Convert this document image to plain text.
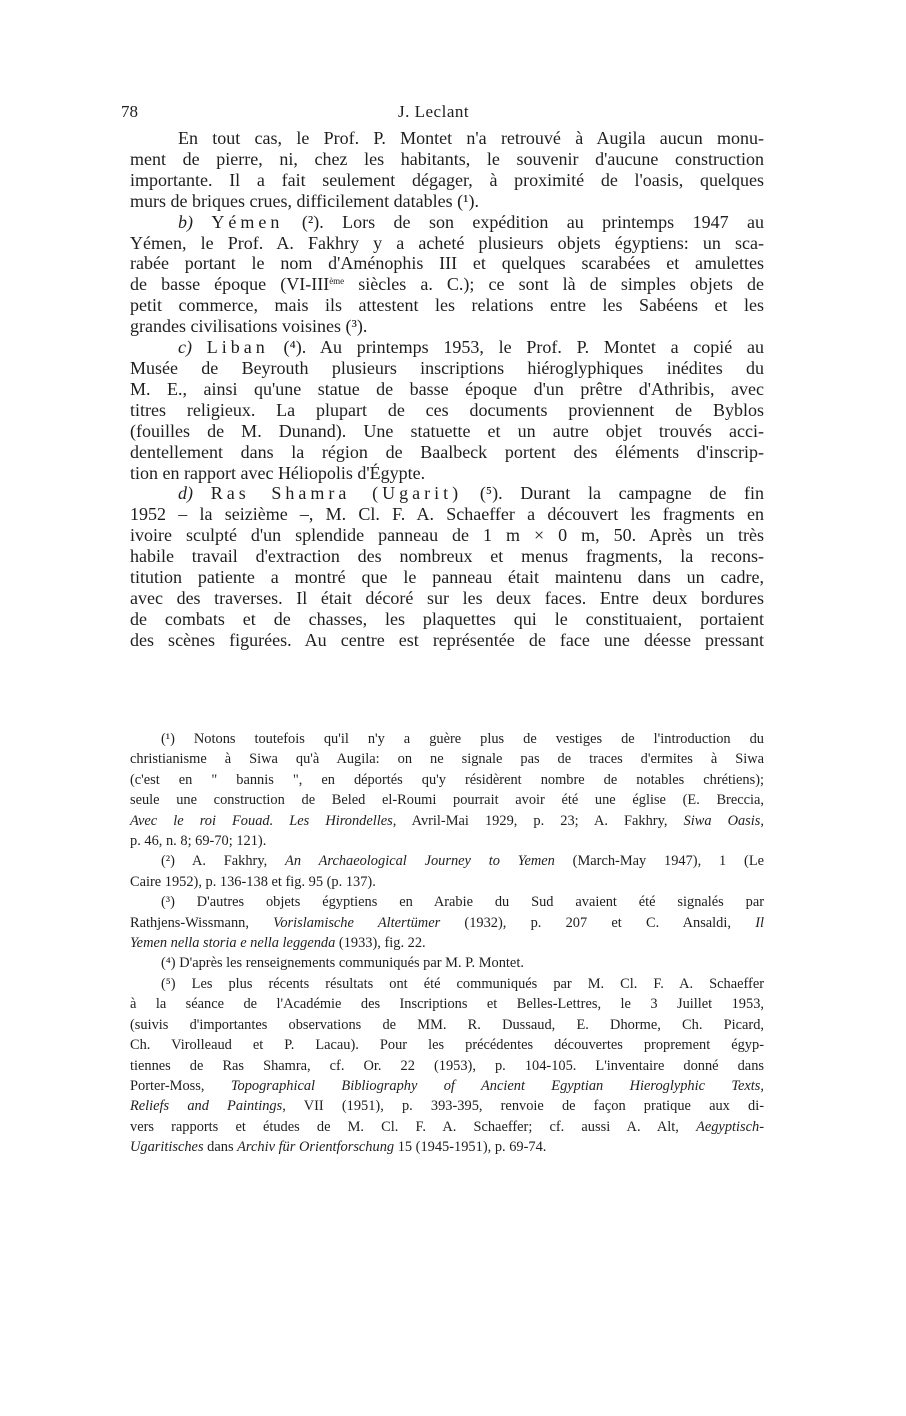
78	J. Leclant
En tout cas, le Prof. P. Montet n'a retrouvé à Augila aucun monu-
ment de pierre, ni, chez les habitants, le souvenir d'aucune construction
importante. Il a fait seulement dégager, à proximité de l'oasis, quelques
murs de briques crues, difficilement datables (¹).
b) Yémen (²). Lors de son expédition au printemps 1947 au
Yémen, le Prof. A. Fakhry y a acheté plusieurs objets égyptiens: un sca-
rabée portant le nom d'Aménophis III et quelques scarabées et amulettes
de basse époque (VI-IIIème siècles a. C.); ce sont là de simples objets de
petit commerce, mais ils attestent les relations entre les Sabéens et les
grandes civilisations voisines (³).
c) Liban (⁴). Au printemps 1953, le Prof. P. Montet a copié au
Musée de Beyrouth plusieurs inscriptions hiéroglyphiques inédites du
M. E., ainsi qu'une statue de basse époque d'un prêtre d'Athribis, avec
titres religieux. La plupart de ces documents proviennent de Byblos
(fouilles de M. Dunand). Une statuette et un autre objet trouvés acci-
dentellement dans la région de Baalbeck portent des éléments d'inscrip-
tion en rapport avec Héliopolis d'Égypte.
d) Ras Shamra (Ugarit) (⁵). Durant la campagne de fin
1952 – la seizième –, M. Cl. F. A. Schaeffer a découvert les fragments en
ivoire sculpté d'un splendide panneau de 1 m × 0 m, 50. Après un très
habile travail d'extraction des nombreux et menus fragments, la recons-
titution patiente a montré que le panneau était maintenu dans un cadre,
avec des traverses. Il était décoré sur les deux faces. Entre deux bordures
de combats et de chasses, les plaquettes qui le constituaient, portaient
des scènes figurées. Au centre est représentée de face une déesse pressant
(¹) Notons toutefois qu'il n'y a guère plus de vestiges de l'introduction du
christianisme à Siwa qu'à Augila: on ne signale pas de traces d'ermites à Siwa
(c'est en " bannis ", en déportés qu'y résidèrent nombre de notables chrétiens);
seule une construction de Beled el-Roumi pourrait avoir été une église (E. Breccia,
Avec le roi Fouad. Les Hirondelles, Avril-Mai 1929, p. 23; A. Fakhry, Siwa Oasis,
p. 46, n. 8; 69-70; 121).
(²) A. Fakhry, An Archaeological Journey to Yemen (March-May 1947), 1 (Le
Caire 1952), p. 136-138 et fig. 95 (p. 137).
(³) D'autres objets égyptiens en Arabie du Sud avaient été signalés par
Rathjens-Wissmann, Vorislamische Altertümer (1932), p. 207 et C. Ansaldi, Il
Yemen nella storia e nella leggenda (1933), fig. 22.
(⁴) D'après les renseignements communiqués par M. P. Montet.
(⁵) Les plus récents résultats ont été communiqués par M. Cl. F. A. Schaeffer
à la séance de l'Académie des Inscriptions et Belles-Lettres, le 3 Juillet 1953,
(suivis d'importantes observations de MM. R. Dussaud, E. Dhorme, Ch. Picard,
Ch. Virolleaud et P. Lacau). Pour les précédentes découvertes proprement égyp-
tiennes de Ras Shamra, cf. Or. 22 (1953), p. 104-105. L'inventaire donné dans
Porter-Moss, Topographical Bibliography of Ancient Egyptian Hieroglyphic Texts,
Reliefs and Paintings, VII (1951), p. 393-395, renvoie de façon pratique aux di-
vers rapports et études de M. Cl. F. A. Schaeffer; cf. aussi A. Alt, Aegyptisch-
Ugaritisches dans Archiv für Orientforschung 15 (1945-1951), p. 69-74.
